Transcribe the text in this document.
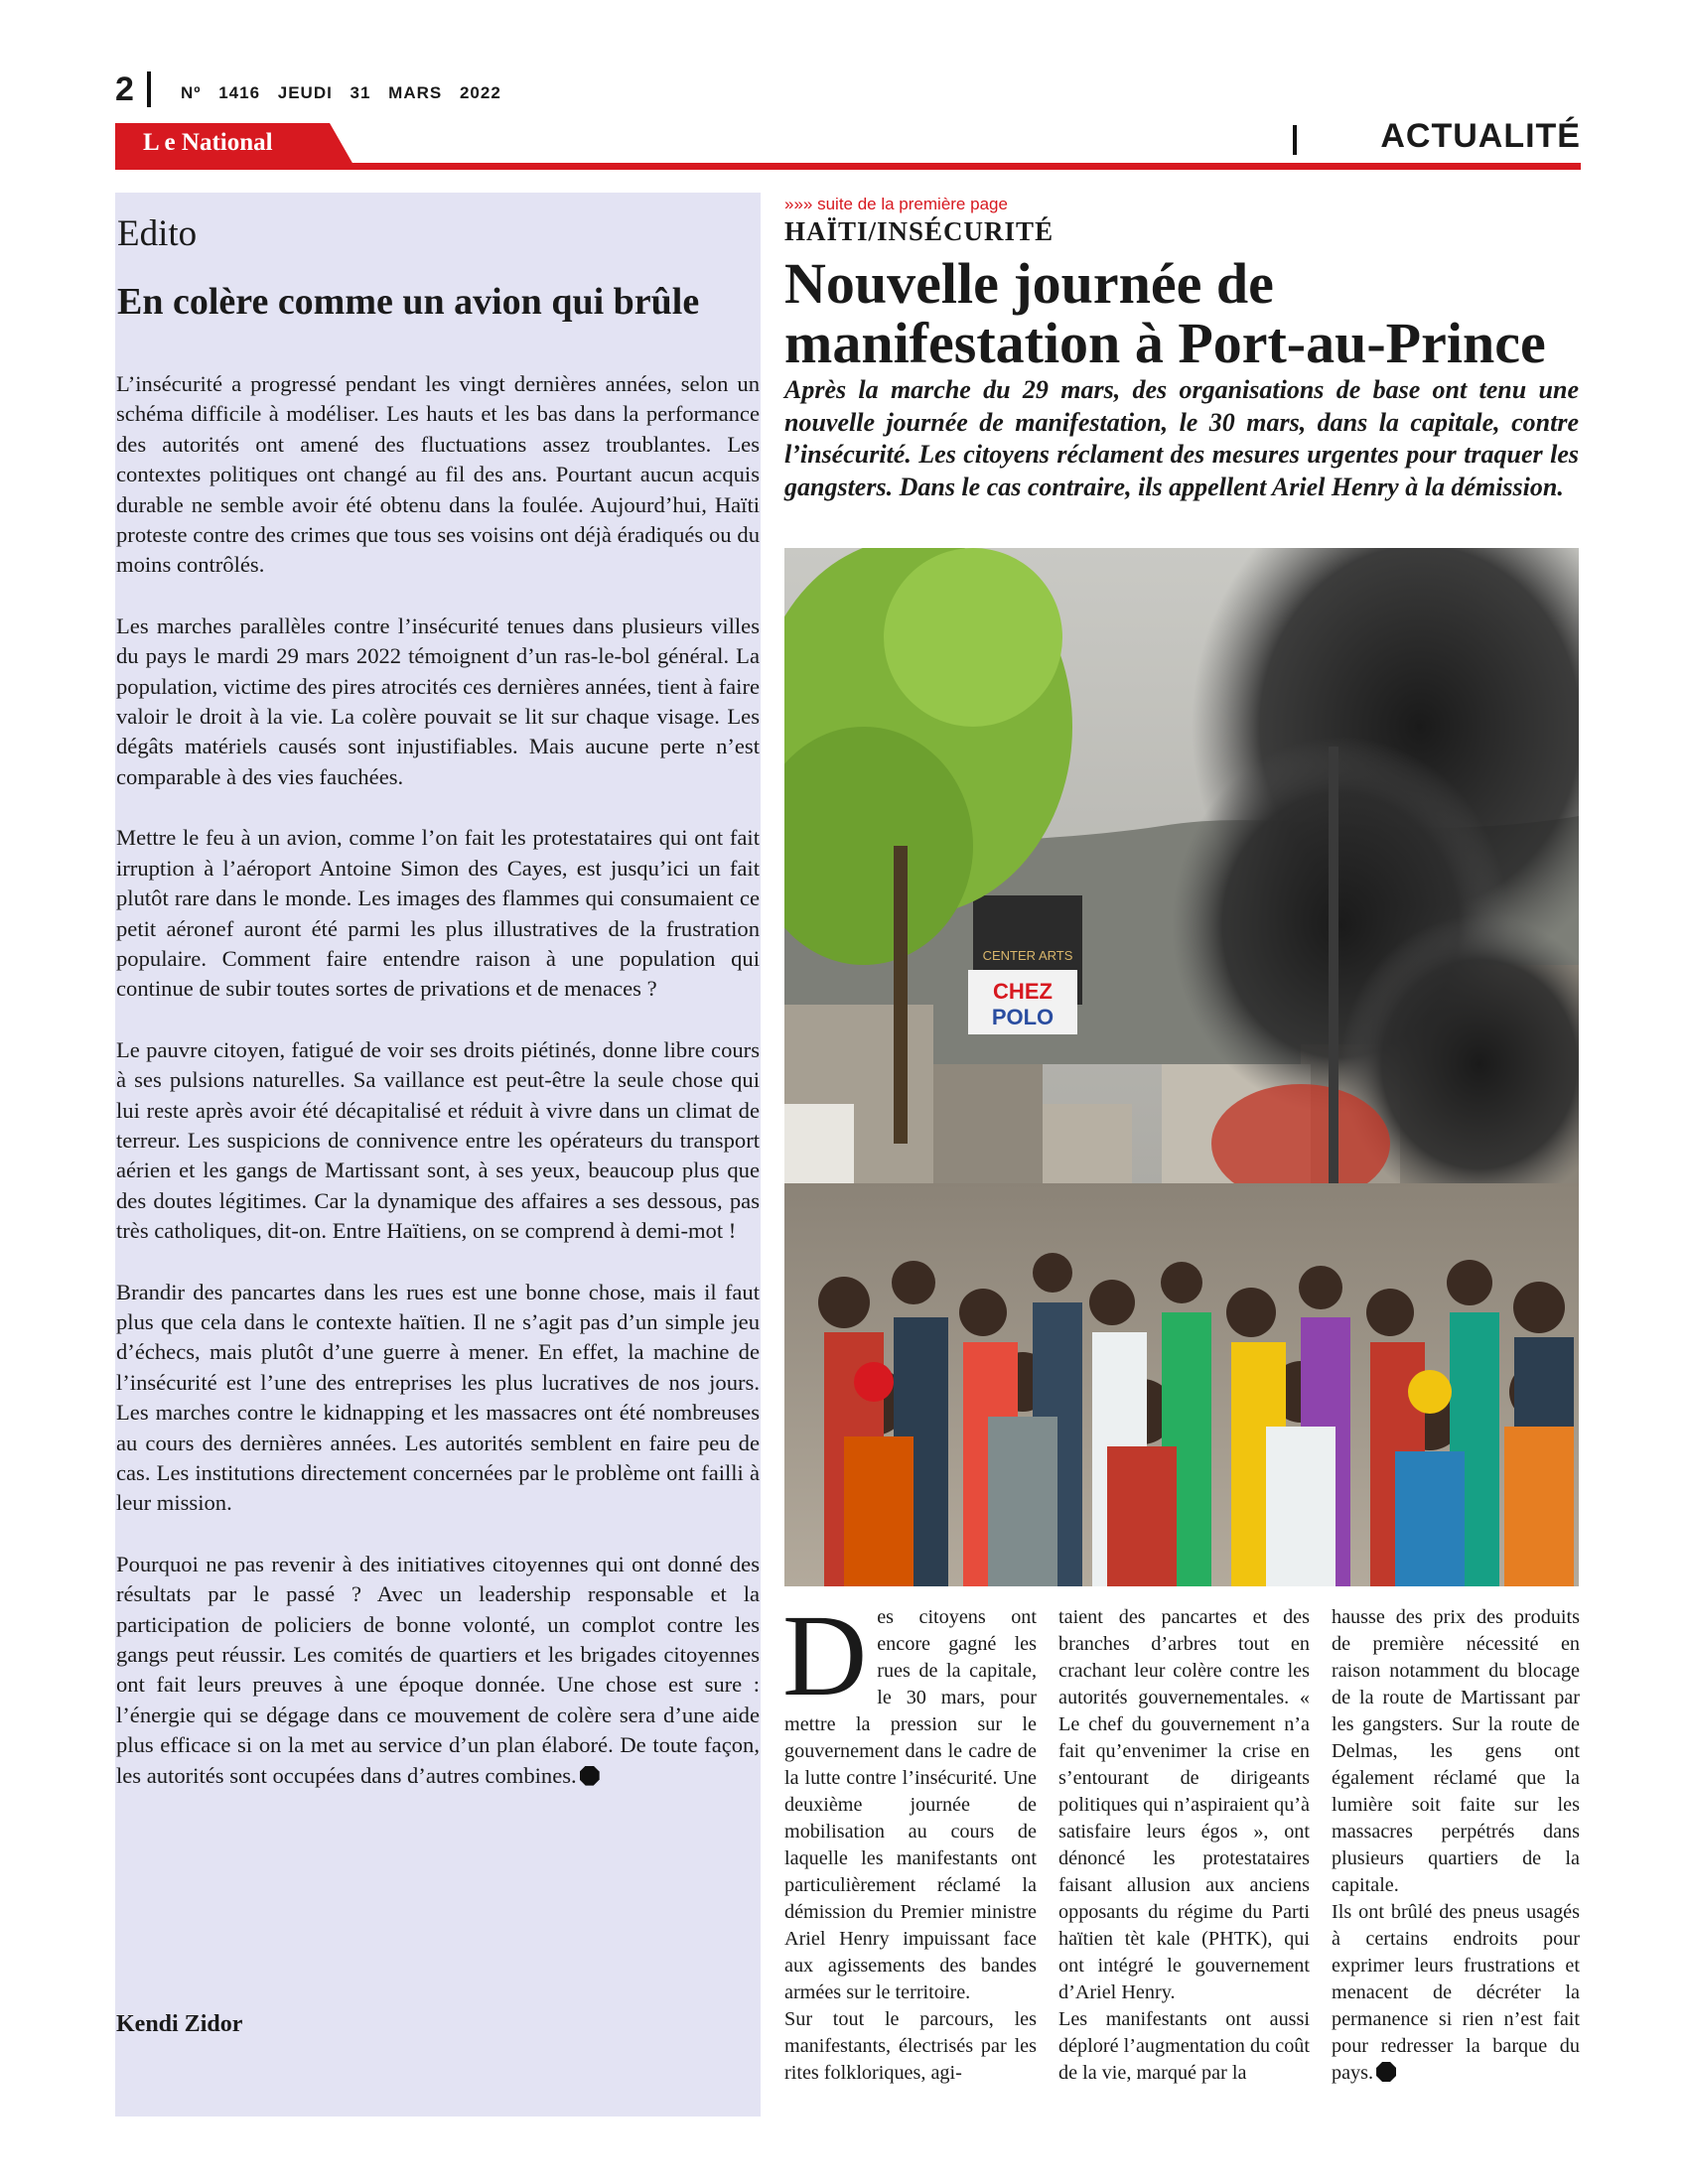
2	Nº 1416 JEUDI 31 MARS 2022
L e National	ACTUALITÉ
Edito
En colère comme un avion qui brûle

L’insécurité a progressé pendant les vingt dernières années, selon un schéma difficile à modéliser. Les hauts et les bas dans la performance des autorités ont amené des fluctuations assez troublantes. Les contextes politiques ont changé au fil des ans. Pourtant aucun acquis durable ne semble avoir été obtenu dans la foulée. Aujourd’hui, Haïti proteste contre des crimes que tous ses voisins ont déjà éradiqués ou du moins contrôlés.

Les marches parallèles contre l’insécurité tenues dans plusieurs villes du pays le mardi 29 mars 2022 témoignent d’un ras-le-bol général. La population, victime des pires atrocités ces dernières années, tient à faire valoir le droit à la vie. La colère pouvait se lit sur chaque visage. Les dégâts matériels causés sont injustifiables. Mais aucune perte n’est comparable à des vies fauchées.

Mettre le feu à un avion, comme l’on fait les protestataires qui ont fait irruption à l’aéroport Antoine Simon des Cayes, est jusqu’ici un fait plutôt rare dans le monde. Les images des flammes qui consumaient ce petit aéronef auront été parmi les plus illustratives de la frustration populaire. Comment faire entendre raison à une population qui continue de subir toutes sortes de privations et de menaces ?

Le pauvre citoyen, fatigué de voir ses droits piétinés, donne libre cours à ses pulsions naturelles. Sa vaillance est peut-être la seule chose qui lui reste après avoir été décapitalisé et réduit à vivre dans un climat de terreur. Les suspicions de connivence entre les opérateurs du transport aérien et les gangs de Martissant sont, à ses yeux, beaucoup plus que des doutes légitimes. Car la dynamique des affaires a ses dessous, pas très catholiques, dit-on. Entre Haïtiens, on se comprend à demi-mot !

Brandir des pancartes dans les rues est une bonne chose, mais il faut plus que cela dans le contexte haïtien. Il ne s’agit pas d’un simple jeu d’échecs, mais plutôt d’une guerre à mener. En effet, la machine de l’insécurité est l’une des entreprises les plus lucratives de nos jours. Les marches contre le kidnapping et les massacres ont été nombreuses au cours des dernières années. Les autorités semblent en faire peu de cas. Les institutions directement concernées par le problème ont failli à leur mission.

Pourquoi ne pas revenir à des initiatives citoyennes qui ont donné des résultats par le passé ? Avec un leadership responsable et la participation de policiers de bonne volonté, un complot contre les gangs peut réussir. Les comités de quartiers et les brigades citoyennes ont fait leurs preuves à une époque donnée. Une chose est sure : l’énergie qui se dégage dans ce mouvement de colère sera d’une aide plus efficace si on la met au service d’un plan élaboré. De toute façon, les autorités sont occupées dans d’autres combines.

Kendi Zidor
»»» suite de la première page
HAÏTI/INSÉCURITÉ
Nouvelle journée de manifestation à Port-au-Prince
Après la marche du 29 mars, des organisations de base ont tenu une nouvelle journée de manifestation, le 30 mars, dans la capitale, contre l’insécurité. Les citoyens réclament des mesures urgentes pour traquer les gangsters. Dans le cas contraire, ils appellent Ariel Henry à la démission.
CENTER ARTS
CHEZ
POLO

Des citoyens ont encore gagné les rues de la capitale, le 30 mars, pour mettre la pression sur le gouvernement dans le cadre de la lutte contre l’insécurité. Une deuxième journée de mobilisation au cours de laquelle les manifestants ont particulièrement réclamé la démission du Premier ministre Ariel Henry impuissant face aux agissements des bandes armées sur le territoire.

Sur tout le parcours, les manifestants, électrisés par les rites folkloriques, agi-

taient des pancartes et des branches d’arbres tout en crachant leur colère contre les autorités gouvernementales. « Le chef du gouvernement n’a fait qu’envenimer la crise en s’entourant de dirigeants politiques qui n’aspiraient qu’à satisfaire leurs égos », ont dénoncé les protestataires faisant allusion aux anciens opposants du régime du Parti haïtien tèt kale (PHTK), qui ont intégré le gouvernement d’Ariel Henry.

Les manifestants ont aussi déploré l’augmentation du coût de la vie, marqué par la

hausse des prix des produits de première nécessité en raison notamment du blocage de la route de Martissant par les gangsters. Sur la route de Delmas, les gens ont également réclamé que la lumière soit faite sur les massacres perpétrés dans plusieurs quartiers de la capitale.

Ils ont brûlé des pneus usagés à certains endroits pour exprimer leurs frustrations et menacent de décréter la permanence si rien n’est fait pour redresser la barque du pays.
